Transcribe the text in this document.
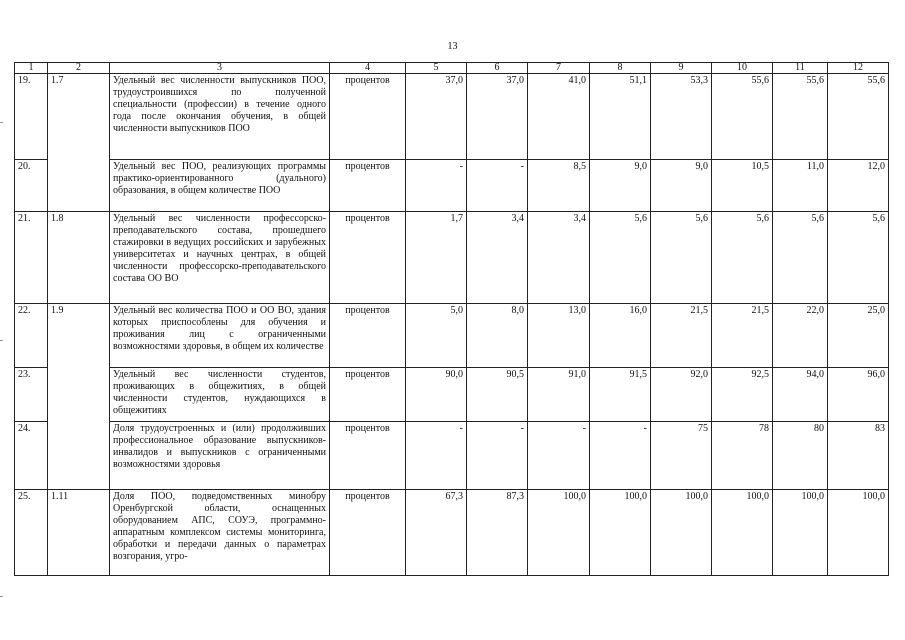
13
1	2	3	4	5	6	7	8	9	10	11	12
19.	1.7	Удельный вес численности выпускников ПОО, трудоустроившихся по полученной специальности (профессии) в течение одного года после окончания обучения, в общей численности выпускников ПОО	процентов	37,0	37,0	41,0	51,1	53,3	55,6	55,6	55,6
20.		Удельный вес ПОО, реализующих программы практико-ориентированного (дуального) образования, в общем количестве ПОО	процентов	-	-	8,5	9,0	9,0	10,5	11,0	12,0
21.	1.8	Удельный вес численности профессорско-преподавательского состава, прошедшего стажировки в ведущих российских и зарубежных университетах и научных центрах, в общей численности профессорско-преподавательского состава ОО ВО	процентов	1,7	3,4	3,4	5,6	5,6	5,6	5,6	5,6
22.	1.9	Удельный вес количества ПОО и ОО ВО, здания которых приспособлены для обучения и проживания лиц с ограниченными возможностями здоровья, в общем их количестве	процентов	5,0	8,0	13,0	16,0	21,5	21,5	22,0	25,0
23.		Удельный вес численности студентов, проживающих в общежитиях, в общей численности студентов, нуждающихся в общежитиях	процентов	90,0	90,5	91,0	91,5	92,0	92,5	94,0	96,0
24.		Доля трудоустроенных и (или) продолживших профессиональное образование выпускников-инвалидов и выпускников с ограниченными возможностями здоровья	процентов	-	-	-	-	75	78	80	83
25.	1.11	Доля ПОО, подведомственных минобру Оренбургской области, оснащенных оборудованием АПС, СОУЭ, программно-аппаратным комплексом системы мониторинга, обработки и передачи данных о параметрах возгорания, угро-	процентов	67,3	87,3	100,0	100,0	100,0	100,0	100,0	100,0
